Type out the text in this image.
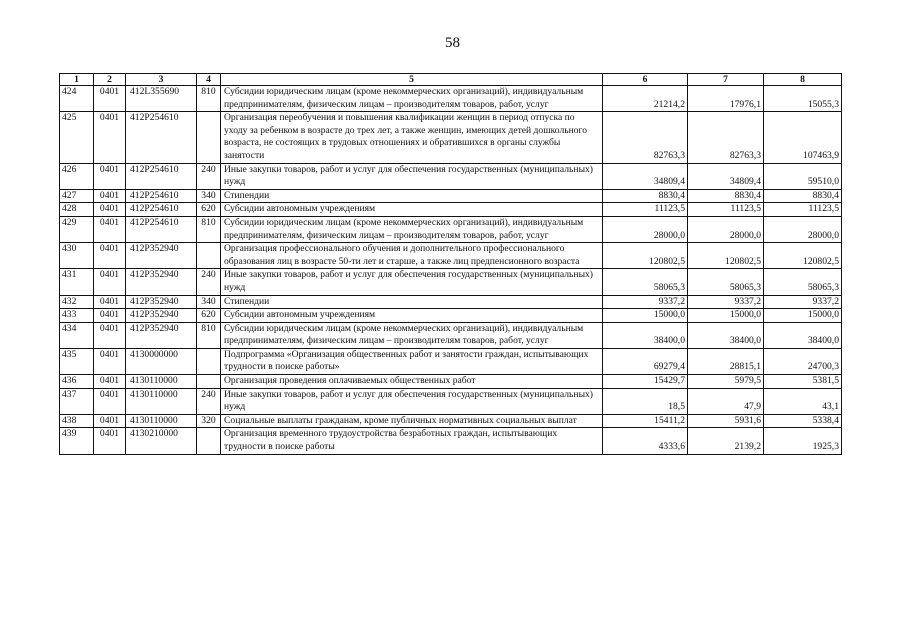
58
1	2	3	4	5	6	7	8
424	0401	412L355690	810	Субсидии юридическим лицам (кроме некоммерческих организаций), индивидуальным предпринимателям, физическим лицам – производителям товаров, работ, услуг	21214,2	17976,1	15055,3
425	0401	412P254610		Организация переобучения и повышения квалификации женщин в период отпуска по уходу за ребенком в возрасте до трех лет, а также женщин, имеющих детей дошкольного возраста, не состоящих в трудовых отношениях и обратившихся в органы службы занятости	82763,3	82763,3	107463,9
426	0401	412P254610	240	Иные закупки товаров, работ и услуг для обеспечения государственных (муниципальных) нужд	34809,4	34809,4	59510,0
427	0401	412P254610	340	Стипендии	8830,4	8830,4	8830,4
428	0401	412P254610	620	Субсидии автономным учреждениям	11123,5	11123,5	11123,5
429	0401	412P254610	810	Субсидии юридическим лицам (кроме некоммерческих организаций), индивидуальным предпринимателям, физическим лицам – производителям товаров, работ, услуг	28000,0	28000,0	28000,0
430	0401	412P352940		Организация профессионального обучения и дополнительного профессионального образования лиц в возрасте 50-ти лет и старше, а также лиц предпенсионного возраста	120802,5	120802,5	120802,5
431	0401	412P352940	240	Иные закупки товаров, работ и услуг для обеспечения государственных (муниципальных) нужд	58065,3	58065,3	58065,3
432	0401	412P352940	340	Стипендии	9337,2	9337,2	9337,2
433	0401	412P352940	620	Субсидии автономным учреждениям	15000,0	15000,0	15000,0
434	0401	412P352940	810	Субсидии юридическим лицам (кроме некоммерческих организаций), индивидуальным предпринимателям, физическим лицам – производителям товаров, работ, услуг	38400,0	38400,0	38400,0
435	0401	4130000000		Подпрограмма «Организация общественных работ и занятости граждан, испытывающих трудности в поиске работы»	69279,4	28815,1	24700,3
436	0401	4130110000		Организация проведения оплачиваемых общественных работ	15429,7	5979,5	5381,5
437	0401	4130110000	240	Иные закупки товаров, работ и услуг для обеспечения государственных (муниципальных) нужд	18,5	47,9	43,1
438	0401	4130110000	320	Социальные выплаты гражданам, кроме публичных нормативных социальных выплат	15411,2	5931,6	5338,4
439	0401	4130210000		Организация временного трудоустройства безработных граждан, испытывающих трудности в поиске работы	4333,6	2139,2	1925,3
